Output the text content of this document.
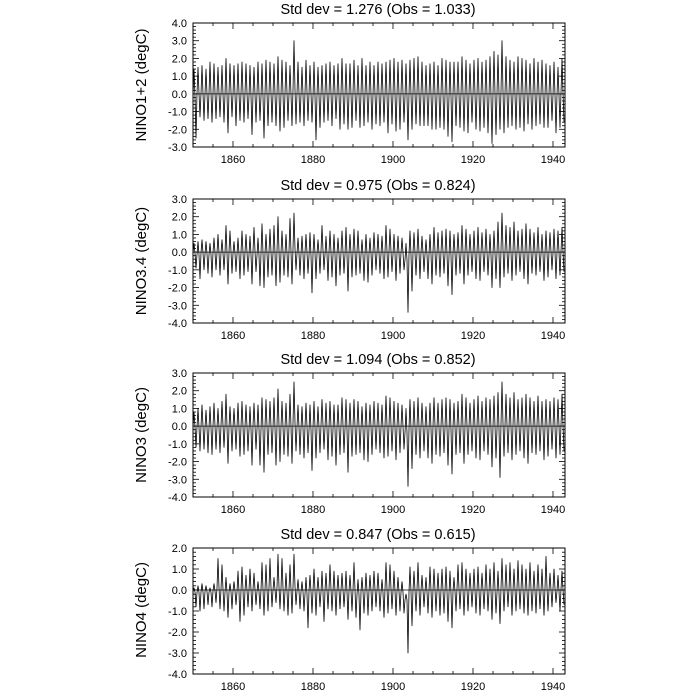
Std dev = 1.276 (Obs = 1.033)
NINO1+2 (degC)
-3.0
-2.0
-1.0
0.0
1.0
2.0
3.0
4.0
1860	1880	1900	1920	1940
Std dev = 0.975 (Obs = 0.824)
NINO3.4 (degC)
-4.0
-3.0
-2.0
-1.0
0.0
1.0
2.0
3.0
1860	1880	1900	1920	1940
Std dev = 1.094 (Obs = 0.852)
NINO3 (degC)
-4.0
-3.0
-2.0
-1.0
0.0
1.0
2.0
3.0
1860	1880	1900	1920	1940
Std dev = 0.847 (Obs = 0.615)
NINO4 (degC)
-4.0
-3.0
-2.0
-1.0
0.0
1.0
2.0
1860	1880	1900	1920	1940
